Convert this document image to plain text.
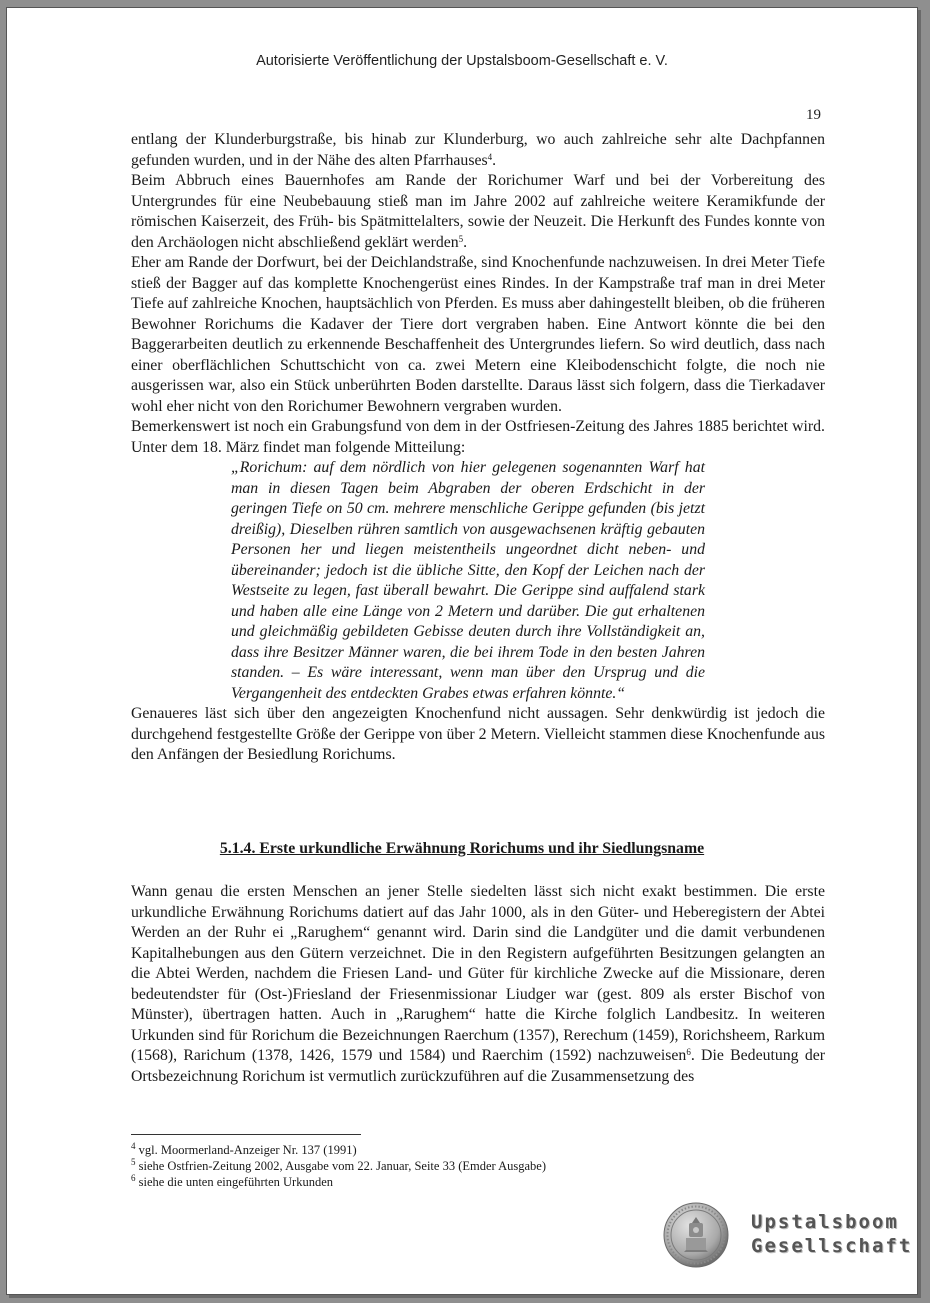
Autorisierte Veröffentlichung der Upstalsboom-Gesellschaft e. V.
19

entlang der Klunderburgstraße, bis hinab zur Klunderburg, wo auch zahlreiche sehr alte Dachpfannen gefunden wurden, und in der Nähe des alten Pfarrhauses$^4$.

Beim Abbruch eines Bauernhofes am Rande der Rorichumer Warf und bei der Vorbereitung des Untergrundes für eine Neubebauung stieß man im Jahre 2002 auf zahlreiche weitere Keramikfunde der römischen Kaiserzeit, des Früh- bis Spätmittelalters, sowie der Neuzeit. Die Herkunft des Fundes konnte von den Archäologen nicht abschließend geklärt werden$^5$.

Eher am Rande der Dorfwurt, bei der Deichlandstraße, sind Knochenfunde nachzuweisen. In drei Meter Tiefe stieß der Bagger auf das komplette Knochengerüst eines Rindes. In der Kampstraße traf man in drei Meter Tiefe auf zahlreiche Knochen, hauptsächlich von Pferden. Es muss aber dahingestellt bleiben, ob die früheren Bewohner Rorichums die Kadaver der Tiere dort vergraben haben. Eine Antwort könnte die bei den Baggerarbeiten deutlich zu erkennende Beschaffenheit des Untergrundes liefern. So wird deutlich, dass nach einer oberflächlichen Schuttschicht von ca. zwei Metern eine Kleibodenschicht folgte, die noch nie ausgerissen war, also ein Stück unberührten Boden darstellte. Daraus lässt sich folgern, dass die Tierkadaver wohl eher nicht von den Rorichumer Bewohnern vergraben wurden.

Bemerkenswert ist noch ein Grabungsfund von dem in der Ostfriesen-Zeitung des Jahres 1885 berichtet wird. Unter dem 18. März findet man folgende Mitteilung:

„Rorichum: auf dem nördlich von hier gelegenen sogenannten Warf hat man in diesen Tagen beim Abgraben der oberen Erdschicht in der geringen Tiefe on 50 cm. mehrere menschliche Gerippe gefunden (bis jetzt dreißig), Dieselben rühren samtlich von ausgewachsenen kräftig gebauten Personen her und liegen meistentheils ungeordnet dicht neben- und übereinander; jedoch ist die übliche Sitte, den Kopf der Leichen nach der Westseite zu legen, fast überall bewahrt. Die Gerippe sind auffalend stark und haben alle eine Länge von 2 Metern und darüber. Die gut erhaltenen und gleichmäßig gebildeten Gebisse deuten durch ihre Vollständigkeit an, dass ihre Besitzer Männer waren, die bei ihrem Tode in den besten Jahren standen. – Es wäre interessant, wenn man über den Ursprug und die Vergangenheit des entdeckten Grabes etwas erfahren könnte.“

Genaueres läst sich über den angezeigten Knochenfund nicht aussagen. Sehr denkwürdig ist jedoch die durchgehend festgestellte Größe der Gerippe von über 2 Metern. Vielleicht stammen diese Knochenfunde aus den Anfängen der Besiedlung Rorichums.

5.1.4. Erste urkundliche Erwähnung Rorichums und ihr Siedlungsname

Wann genau die ersten Menschen an jener Stelle siedelten lässt sich nicht exakt bestimmen. Die erste urkundliche Erwähnung Rorichums datiert auf das Jahr 1000, als in den Güter- und Heberegistern der Abtei Werden an der Ruhr ei „Rarughem“ genannt wird. Darin sind die Landgüter und die damit verbundenen Kapitalhebungen aus den Gütern verzeichnet. Die in den Registern aufgeführten Besitzungen gelangten an die Abtei Werden, nachdem die Friesen Land- und Güter für kirchliche Zwecke auf die Missionare, deren bedeutendster für (Ost-)Friesland der Friesenmissionar Liudger war (gest. 809 als erster Bischof von Münster), übertragen hatten. Auch in „Rarughem“ hatte die Kirche folglich Landbesitz. In weiteren Urkunden sind für Rorichum die Bezeichnungen Raerchum (1357), Rerechum (1459), Rorichsheem, Rarkum (1568), Rarichum (1378, 1426, 1579 und 1584) und Raerchim (1592) nachzuweisen$^6$. Die Bedeutung der Ortsbezeichnung Rorichum ist vermutlich zurückzuführen auf die Zusammensetzung des

$^4$ vgl. Moormerland-Anzeiger Nr. 137 (1991)
$^5$ siehe Ostfrien-Zeitung 2002, Ausgabe vom 22. Januar, Seite 33 (Emder Ausgabe)
$^6$ siehe die unten eingeführten Urkunden
Upstalsboom
Gesellschaft
